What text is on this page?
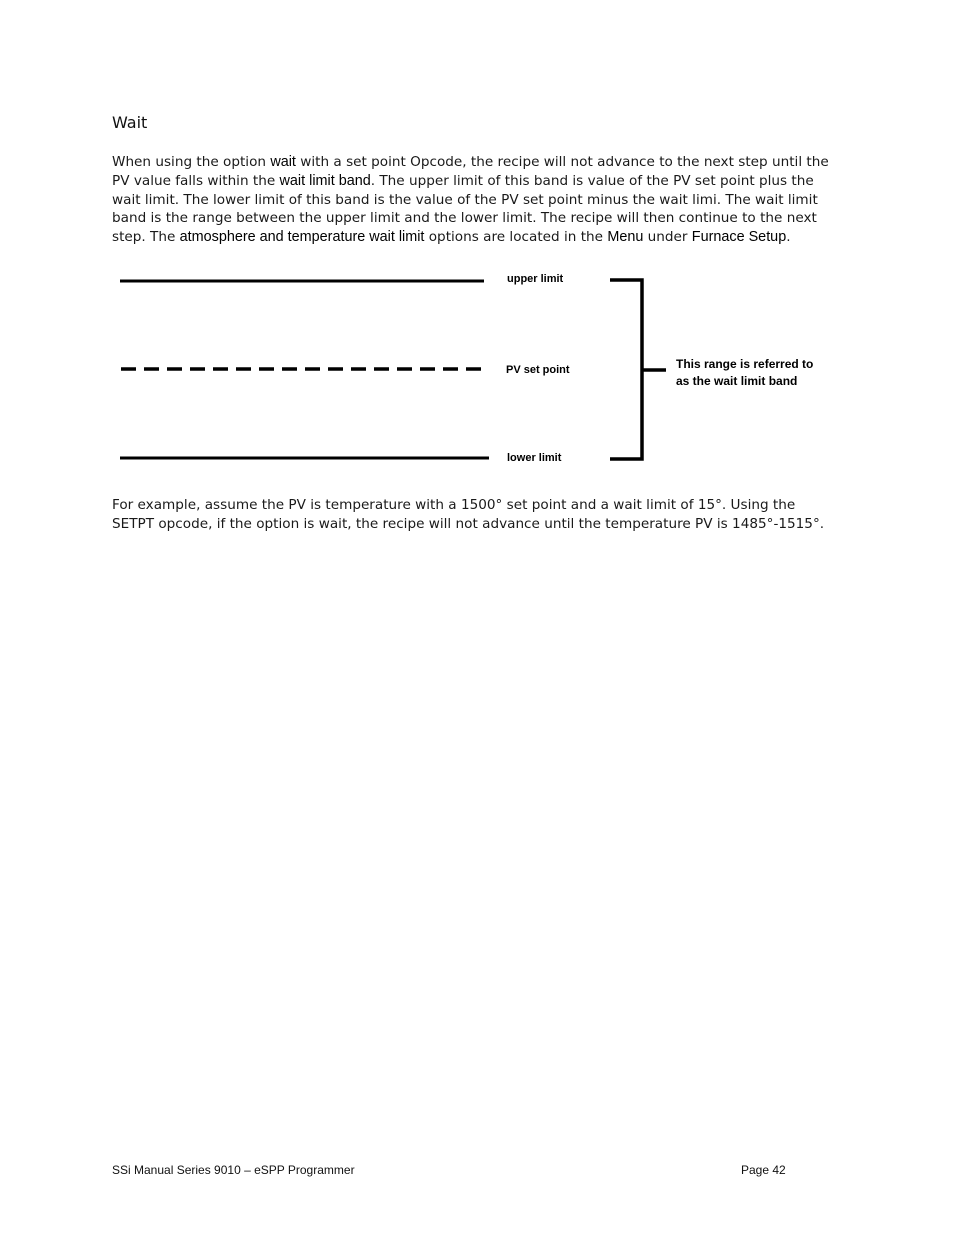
Wait

When using the option wait with a set point Opcode, the recipe will not advance to the next step until the PV value falls within the wait limit band. The upper limit of this band is value of the PV set point plus the wait limit. The lower limit of this band is the value of the PV set point minus the wait limi. The wait limit band is the range between the upper limit and the lower limit. The recipe will then continue to the next step. The atmosphere and temperature wait limit options are located in the Menu under Furnace Setup.

upper limit
PV set point
lower limit
This range is referred to
as the wait limit band

For example, assume the PV is temperature with a 1500° set point and a wait limit of 15°. Using the SETPT opcode, if the option is wait, the recipe will not advance until the temperature PV is 1485°-1515°.

SSi Manual Series 9010 – eSPP Programmer	Page 42
